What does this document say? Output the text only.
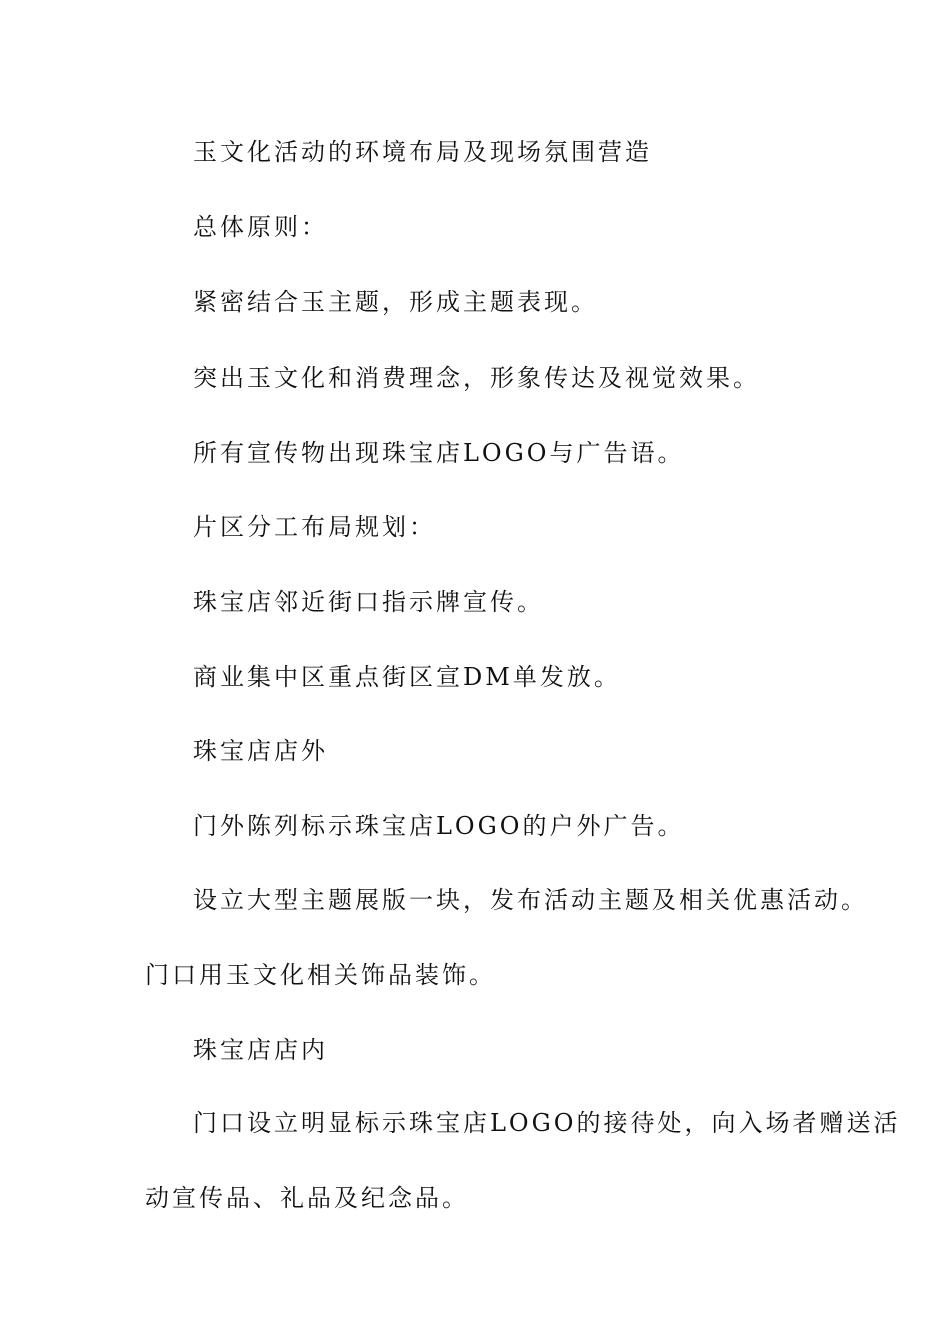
玉文化活动的环境布局及现场氛围营造
总体原则：
紧密结合玉主题，形成主题表现。
突出玉文化和消费理念，形象传达及视觉效果。
所有宣传物出现珠宝店LOGO与广告语。
片区分工布局规划：
珠宝店邻近街口指示牌宣传。
商业集中区重点街区宣DM单发放。
珠宝店店外
门外陈列标示珠宝店LOGO的户外广告。
设立大型主题展版一块，发布活动主题及相关优惠活动。
门口用玉文化相关饰品装饰。
珠宝店店内
门口设立明显标示珠宝店LOGO的接待处，向入场者赠送活
动宣传品、礼品及纪念品。
